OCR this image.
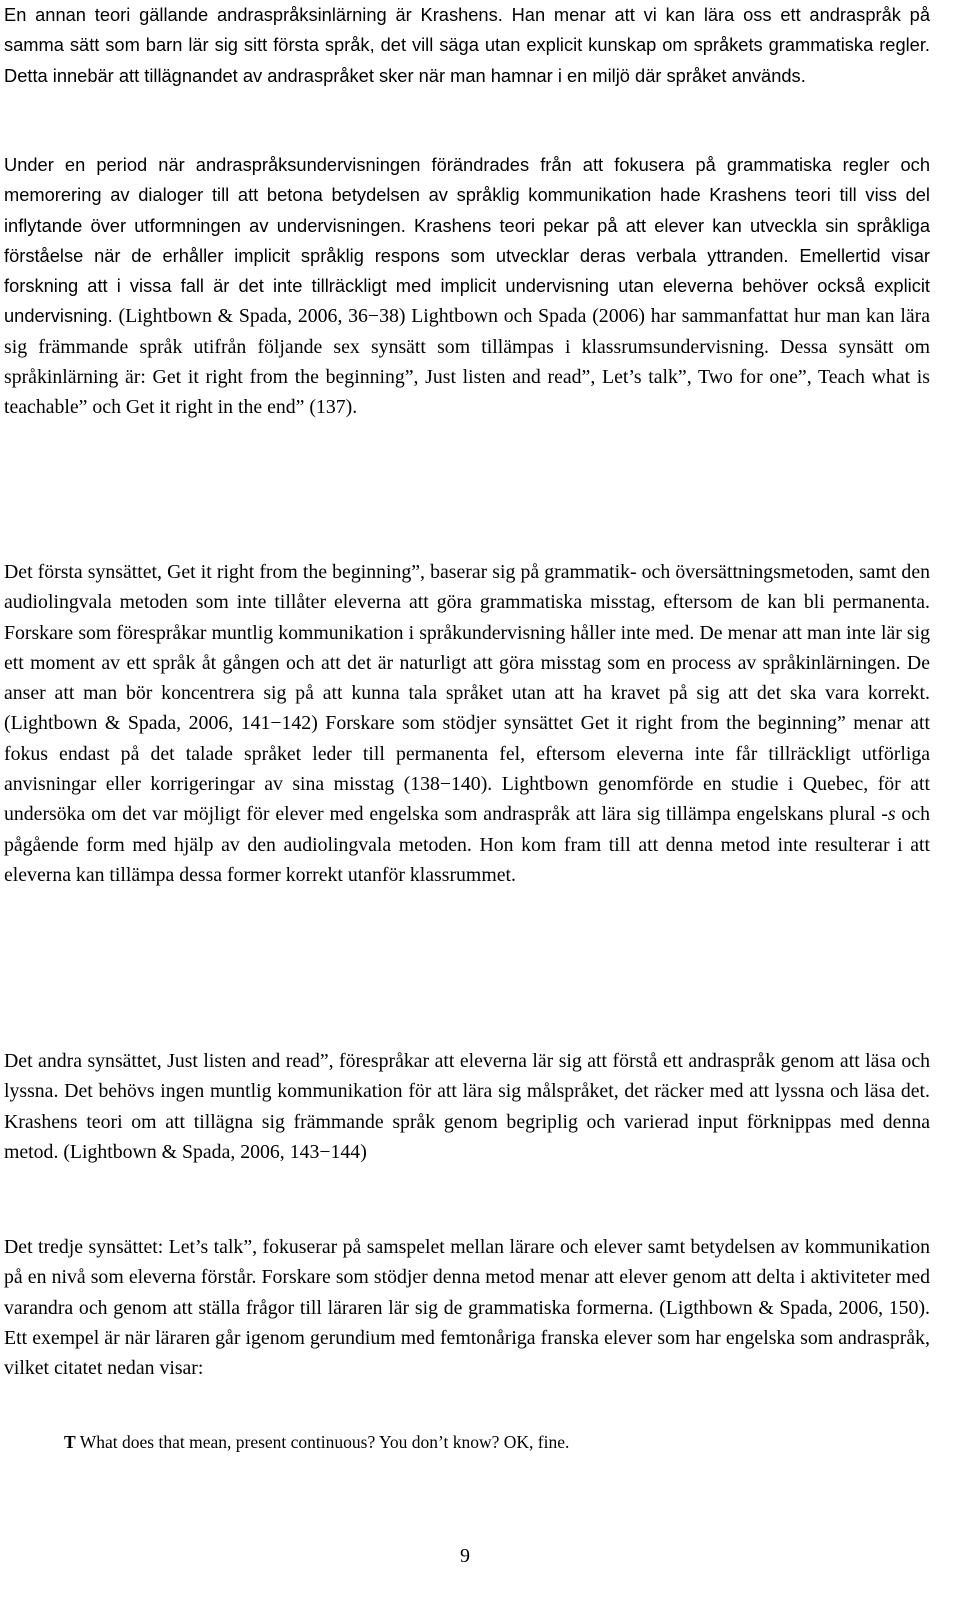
En annan teori gällande andraspråksinlärning är Krashens. Han menar att vi kan lära oss ett andraspråk på samma sätt som barn lär sig sitt första språk, det vill säga utan explicit kunskap om språkets grammatiska regler. Detta innebär att tillägnandet av andraspråket sker när man hamnar i en miljö där språket används.

Under en period när andraspråksundervisningen förändrades från att fokusera på grammatiska regler och memorering av dialoger till att betona betydelsen av språklig kommunikation hade Krashens teori till viss del inflytande över utformningen av undervisningen. Krashens teori pekar på att elever kan utveckla sin språkliga förståelse när de erhåller implicit språklig respons som utvecklar deras verbala yttranden. Emellertid visar forskning att i vissa fall är det inte tillräckligt med implicit undervisning utan eleverna behöver också explicit undervisning. (Lightbown & Spada, 2006, 36−38) Lightbown och Spada (2006) har sammanfattat hur man kan lära sig främmande språk utifrån följande sex synsätt som tillämpas i klassrumsundervisning. Dessa synsätt om språkinlärning är: Get it right from the beginning”, Just listen and read”, Let’s talk”, Two for one”, Teach what is teachable” och Get it right in the end” (137).

Det första synsättet, Get it right from the beginning”, baserar sig på grammatik- och översättningsmetoden, samt den audiolingvala metoden som inte tillåter eleverna att göra grammatiska misstag, eftersom de kan bli permanenta. Forskare som förespråkar muntlig kommunikation i språkundervisning håller inte med. De menar att man inte lär sig ett moment av ett språk åt gången och att det är naturligt att göra misstag som en process av språkinlärningen. De anser att man bör koncentrera sig på att kunna tala språket utan att ha kravet på sig att det ska vara korrekt. (Lightbown & Spada, 2006, 141−142) Forskare som stödjer synsättet Get it right from the beginning” menar att fokus endast på det talade språket leder till permanenta fel, eftersom eleverna inte får tillräckligt utförliga anvisningar eller korrigeringar av sina misstag (138−140). Lightbown genomförde en studie i Quebec, för att undersöka om det var möjligt för elever med engelska som andraspråk att lära sig tillämpa engelskans plural -s och pågående form med hjälp av den audiolingvala metoden. Hon kom fram till att denna metod inte resulterar i att eleverna kan tillämpa dessa former korrekt utanför klassrummet.

Det andra synsättet, Just listen and read”, förespråkar att eleverna lär sig att förstå ett andraspråk genom att läsa och lyssna. Det behövs ingen muntlig kommunikation för att lära sig målspråket, det räcker med att lyssna och läsa det. Krashens teori om att tillägna sig främmande språk genom begriplig och varierad input förknippas med denna metod. (Lightbown & Spada, 2006, 143−144)

Det tredje synsättet: Let’s talk”, fokuserar på samspelet mellan lärare och elever samt betydelsen av kommunikation på en nivå som eleverna förstår. Forskare som stödjer denna metod menar att elever genom att delta i aktiviteter med varandra och genom att ställa frågor till läraren lär sig de grammatiska formerna. (Ligthbown & Spada, 2006, 150). Ett exempel är när läraren går igenom gerundium med femtonåriga franska elever som har engelska som andraspråk, vilket citatet nedan visar:

T What does that mean, present continuous? You don’t know? OK, fine.

9
